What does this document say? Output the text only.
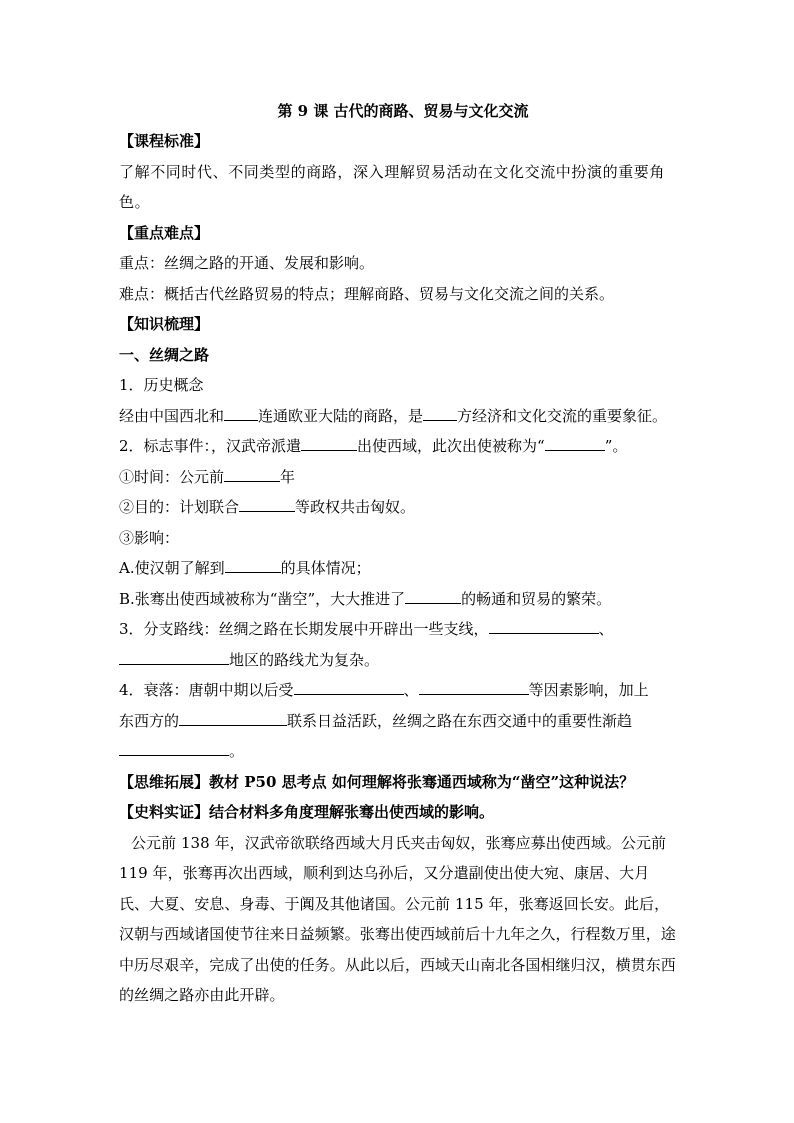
第 9 课 古代的商路、贸易与文化交流
【课程标准】
了解不同时代、不同类型的商路，深入理解贸易活动在文化交流中扮演的重要角色。
【重点难点】
重点：丝绸之路的开通、发展和影响。
难点：概括古代丝路贸易的特点；理解商路、贸易与文化交流之间的关系。
【知识梳理】
一、丝绸之路
1．历史概念
经由中国西北和 连通欧亚大陆的商路，是 方经济和文化交流的重要象征。
2．标志事件：，汉武帝派遣	出使西域，此次出使被称为“	”。
①时间：公元前	年
②目的：计划联合	等政权共击匈奴。
③影响：
A.使汉朝了解到	的具体情况；
B.张骞出使西域被称为“凿空”，大大推进了	的畅通和贸易的繁荣。
3．分支路线：丝绸之路在长期发展中开辟出一些支线，	、
地区的路线尤为复杂。
4．衰落：唐朝中期以后受	、	等因素影响，加上
东西方的	联系日益活跃，丝绸之路在东西交通中的重要性渐趋
。
【思维拓展】教材 P50 思考点 如何理解将张骞通西域称为“凿空”这种说法？
【史料实证】结合材料多角度理解张骞出使西域的影响。
公元前 138 年，汉武帝欲联络西域大月氏夹击匈奴，张骞应募出使西域。公元前 119 年，张骞再次出西域，顺利到达乌孙后，又分遣副使出使大宛、康居、大月氏、大夏、安息、身毒、于阗及其他诸国。公元前 115 年，张骞返回长安。此后，汉朝与西域诸国使节往来日益频繁。张骞出使西域前后十九年之久，行程数万里，途中历尽艰辛，完成了出使的任务。从此以后，西域天山南北各国相继归汉，横贯东西的丝绸之路亦由此开辟。
